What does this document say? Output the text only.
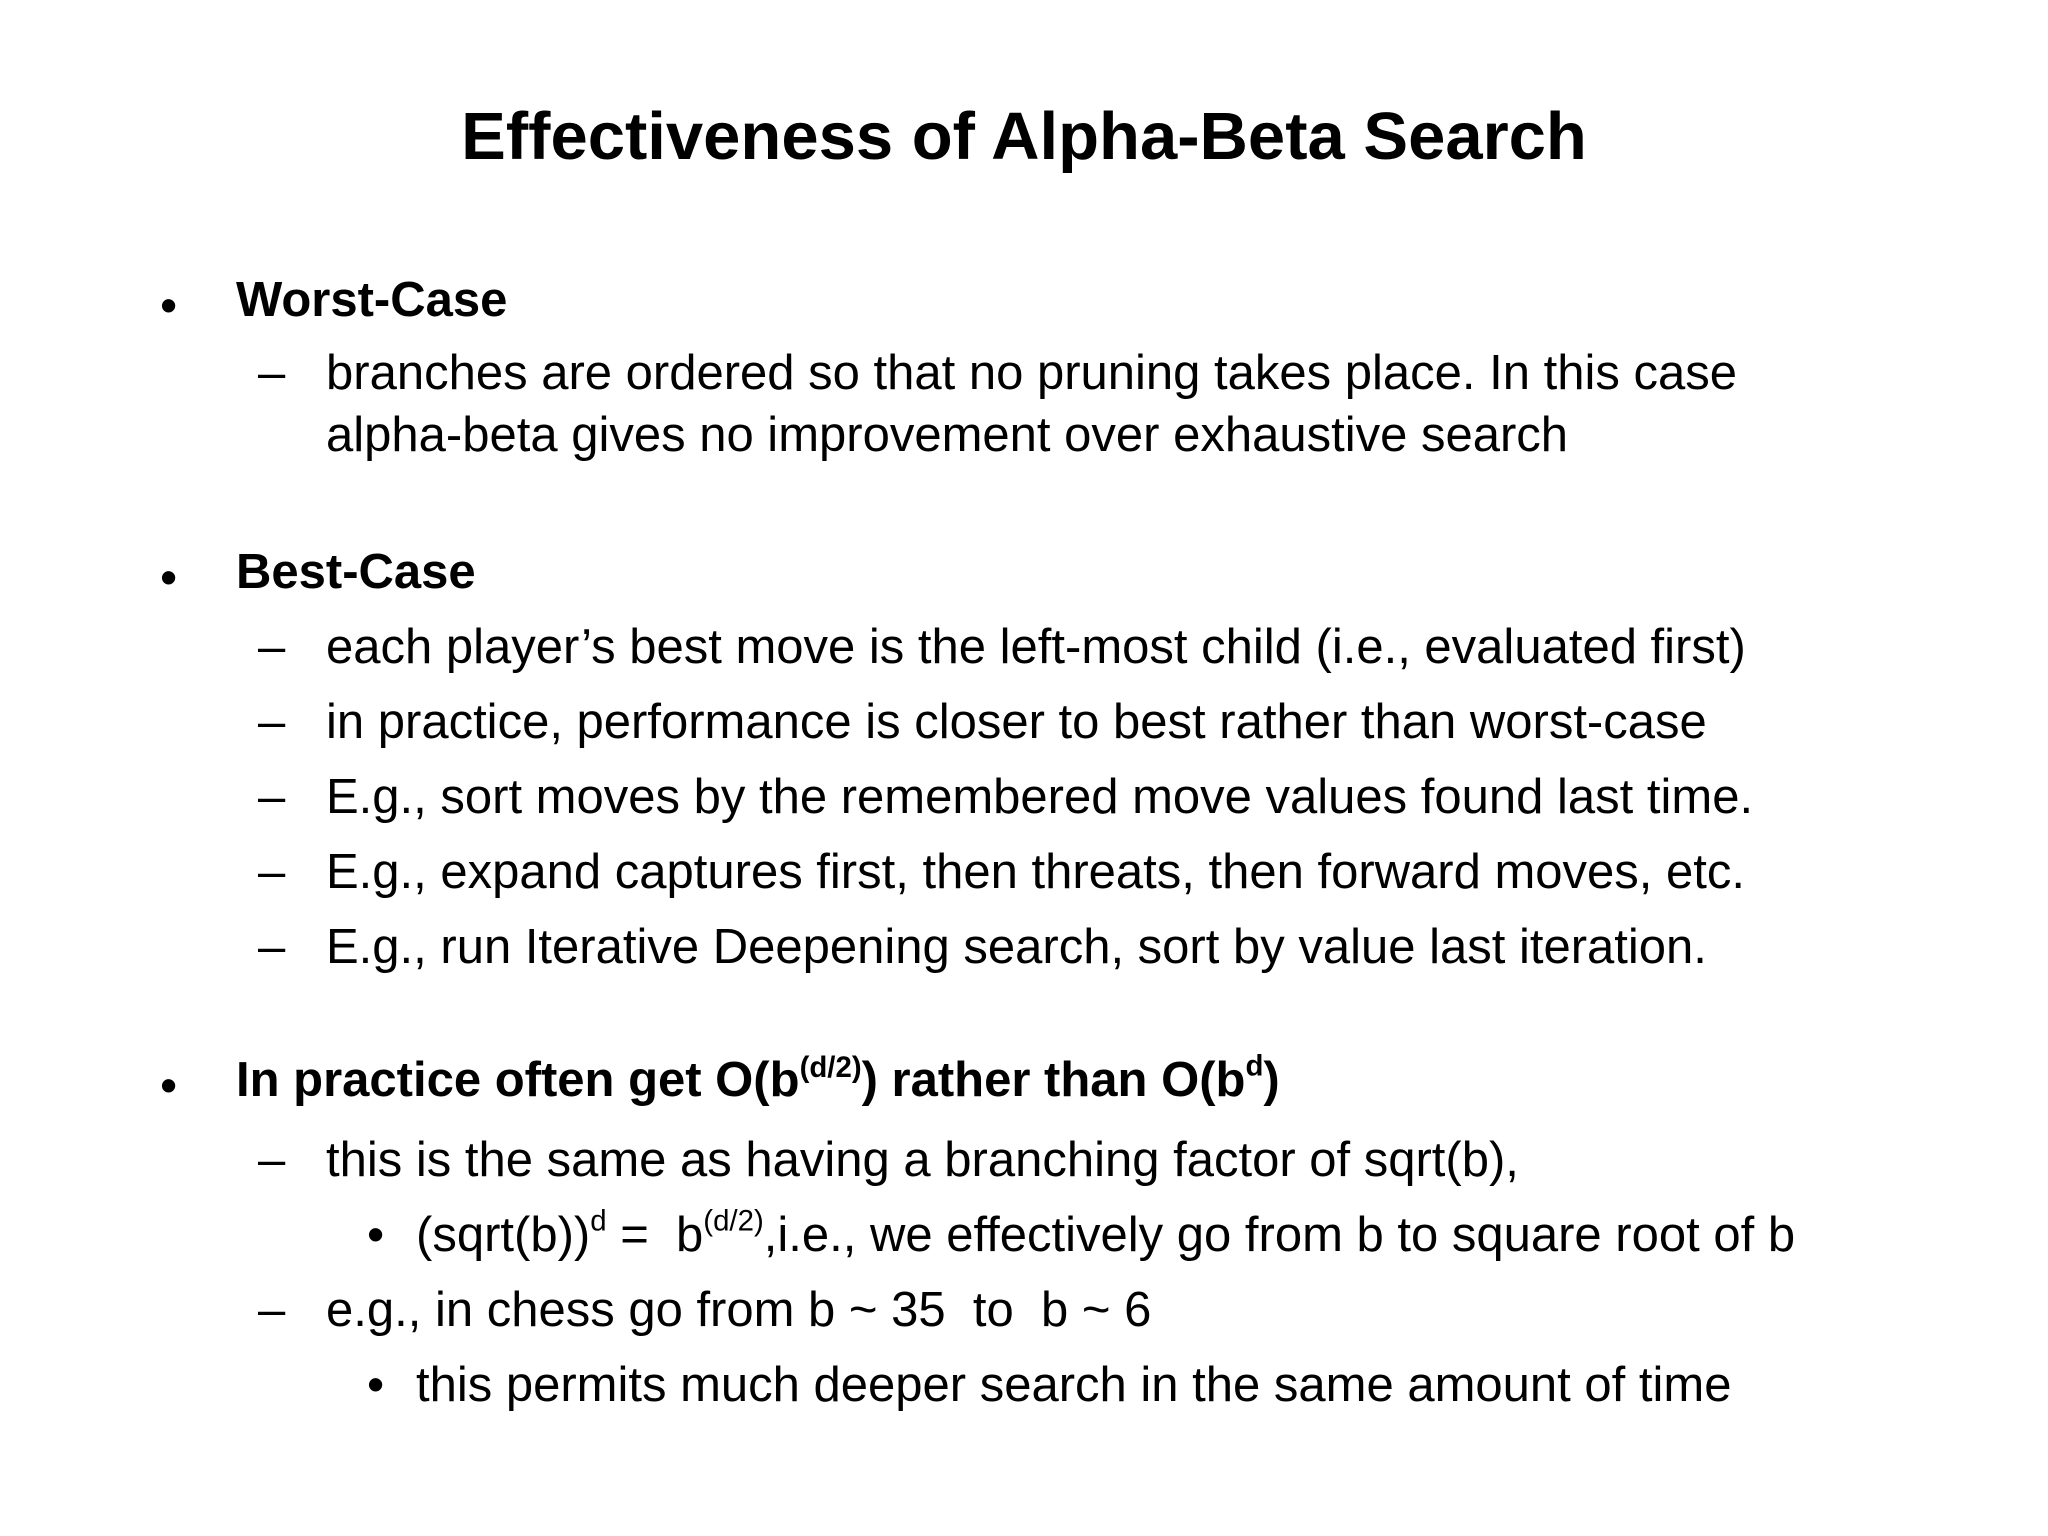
Effectiveness of Alpha-Beta Search
• Worst-Case
– branches are ordered so that no pruning takes place. In this case
alpha-beta gives no improvement over exhaustive search
• Best-Case
– each player’s best move is the left-most child (i.e., evaluated first)
– in practice, performance is closer to best rather than worst-case
– E.g., sort moves by the remembered move values found last time.
– E.g., expand captures first, then threats, then forward moves, etc.
– E.g., run Iterative Deepening search, sort by value last iteration.
• In practice often get $O(b^{(d/2)})$ rather than $O(b^d)$
– this is the same as having a branching factor of sqrt(b),
• (sqrt(b))$^d$ =  $b^{(d/2)},i.e$., we effectively go from b to square root of b
– e.g., in chess go from b ~ 35  to  b ~ 6
• this permits much deeper search in the same amount of time
